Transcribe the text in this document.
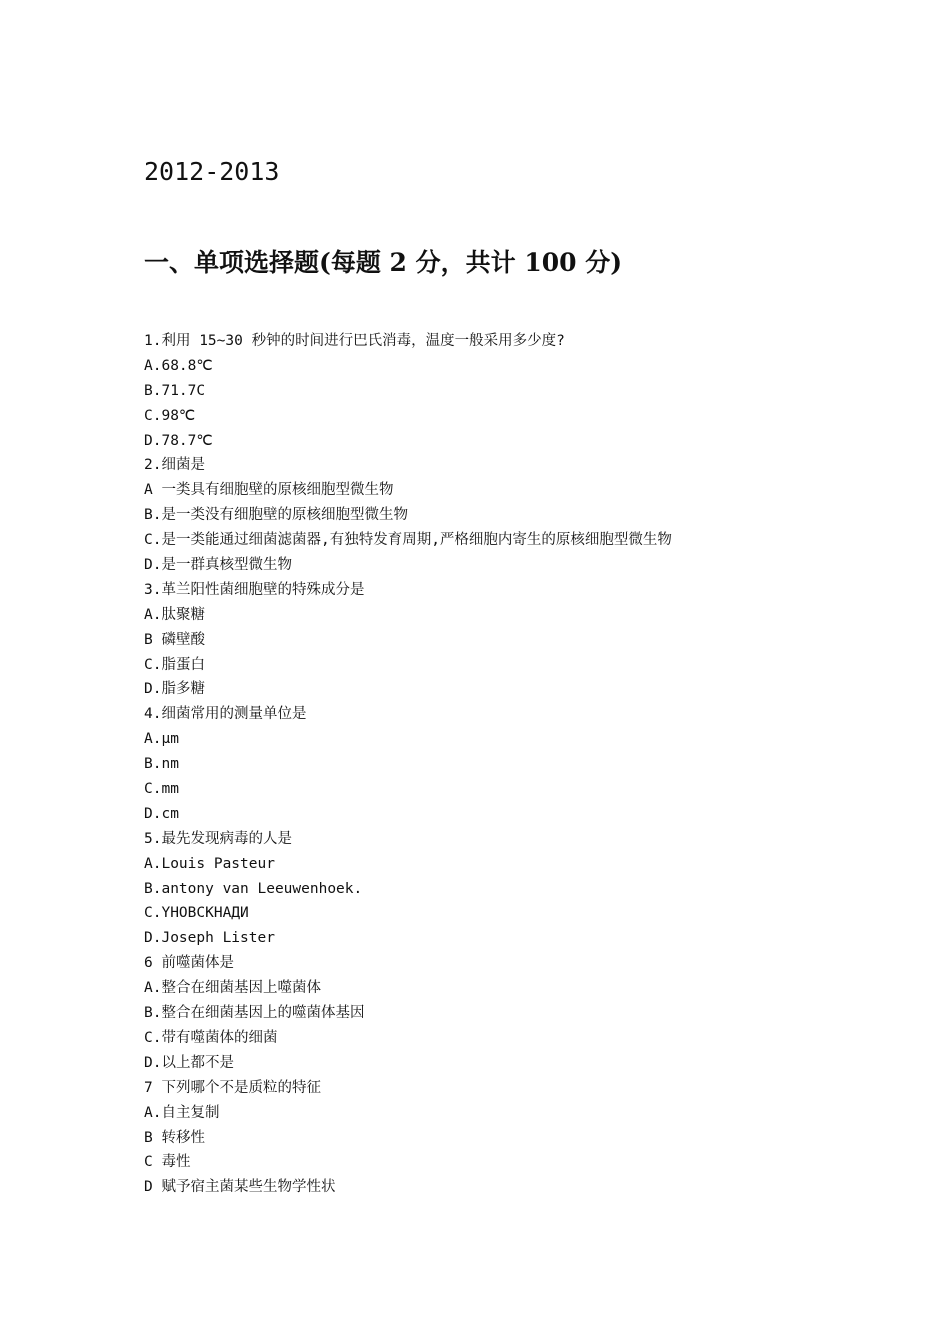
2012-2013
一、单项选择题(每题 2 分，共计 100 分)
1.利用 15~30 秒钟的时间进行巴氏消毒，温度一般采用多少度?
A.68.8℃
B.71.7C
C.98℃
D.78.7℃
2.细菌是
A 一类具有细胞壁的原核细胞型微生物
B.是一类没有细胞壁的原核细胞型微生物
C.是一类能通过细菌滤菌器,有独特发育周期,严格细胞内寄生的原核细胞型微生物
D.是一群真核型微生物
3.革兰阳性菌细胞壁的特殊成分是
A.肽聚糖
B 磷壁酸
C.脂蛋白
D.脂多糖
4.细菌常用的测量单位是
A.μm
B.nm
C.mm
D.cm
5.最先发现病毒的人是
A.Louis Pasteur
B.antony van Leeuwenhoek.
C.YHOBCKHAДИ
D.Joseph Lister
6 前噬菌体是
A.整合在细菌基因上噬菌体
B.整合在细菌基因上的噬菌体基因
C.带有噬菌体的细菌
D.以上都不是
7 下列哪个不是质粒的特征
A.自主复制
B 转移性
C 毒性
D 赋予宿主菌某些生物学性状
